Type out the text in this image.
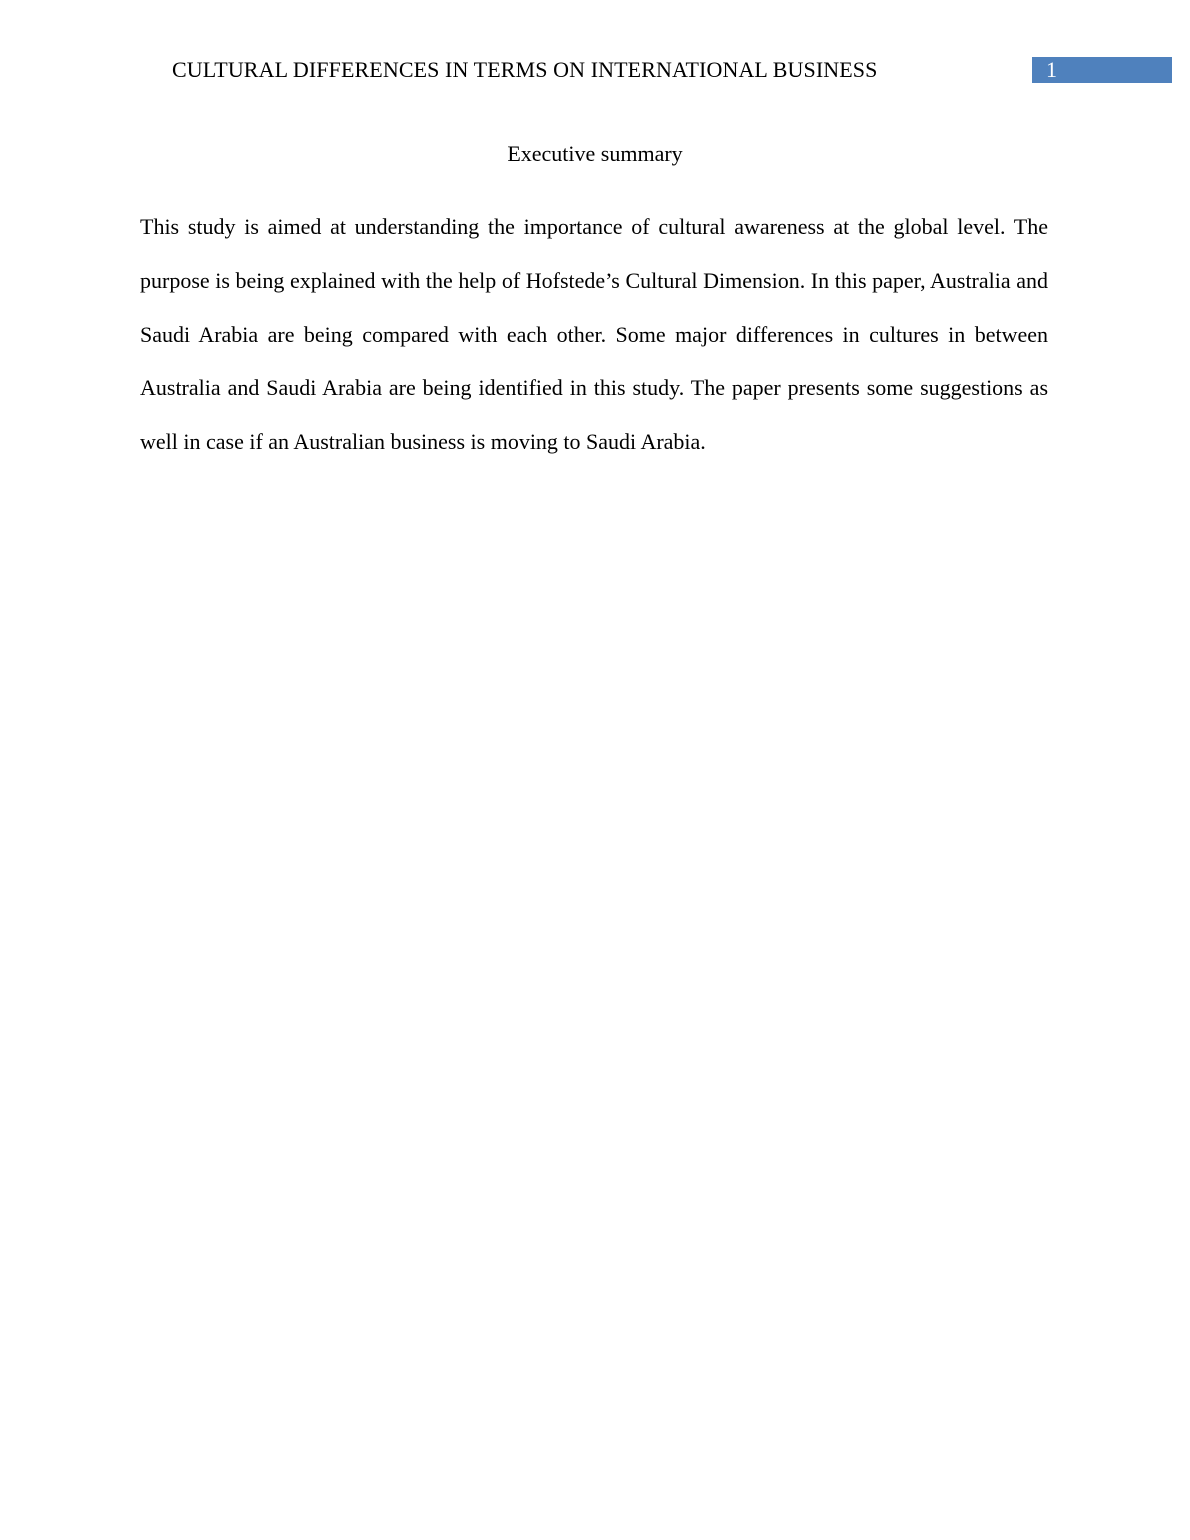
CULTURAL DIFFERENCES IN TERMS ON INTERNATIONAL BUSINESS	1
Executive summary

This study is aimed at understanding the importance of cultural awareness at the global level. The purpose is being explained with the help of Hofstede’s Cultural Dimension. In this paper, Australia and Saudi Arabia are being compared with each other. Some major differences in cultures in between Australia and Saudi Arabia are being identified in this study. The paper presents some suggestions as well in case if an Australian business is moving to Saudi Arabia.
